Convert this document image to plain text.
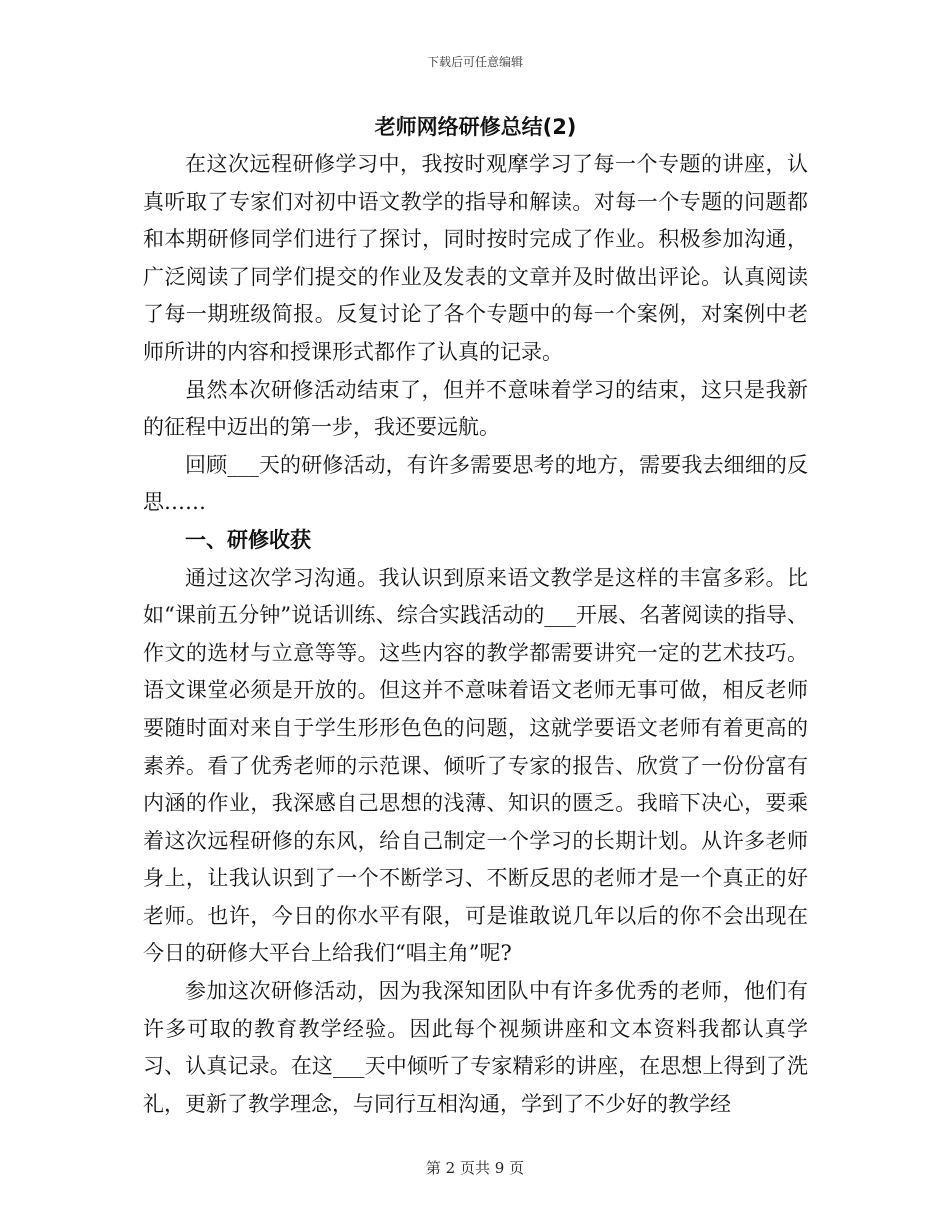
下载后可任意编辑
老师网络研修总结(2)

在这次远程研修学习中，我按时观摩学习了每一个专题的讲座，认真听取了专家们对初中语文教学的指导和解读。对每一个专题的问题都和本期研修同学们进行了探讨，同时按时完成了作业。积极参加沟通，广泛阅读了同学们提交的作业及发表的文章并及时做出评论。认真阅读了每一期班级简报。反复讨论了各个专题中的每一个案例，对案例中老师所讲的内容和授课形式都作了认真的记录。

虽然本次研修活动结束了，但并不意味着学习的结束，这只是我新的征程中迈出的第一步，我还要远航。

回顾___天的研修活动，有许多需要思考的地方，需要我去细细的反思……

一、研修收获

通过这次学习沟通。我认识到原来语文教学是这样的丰富多彩。比如“课前五分钟”说话训练、综合实践活动的___开展、名著阅读的指导、作文的选材与立意等等。这些内容的教学都需要讲究一定的艺术技巧。语文课堂必须是开放的。但这并不意味着语文老师无事可做，相反老师要随时面对来自于学生形形色色的问题，这就学要语文老师有着更高的素养。看了优秀老师的示范课、倾听了专家的报告、欣赏了一份份富有内涵的作业，我深感自己思想的浅薄、知识的匮乏。我暗下决心，要乘着这次远程研修的东风，给自己制定一个学习的长期计划。从许多老师身上，让我认识到了一个不断学习、不断反思的老师才是一个真正的好老师。也许，今日的你水平有限，可是谁敢说几年以后的你不会出现在今日的研修大平台上给我们“唱主角”呢?

参加这次研修活动，因为我深知团队中有许多优秀的老师，他们有许多可取的教育教学经验。因此每个视频讲座和文本资料我都认真学习、认真记录。在这___天中倾听了专家精彩的讲座，在思想上得到了洗礼，更新了教学理念，与同行互相沟通，学到了不少好的教学经

第 2 页共 9 页
